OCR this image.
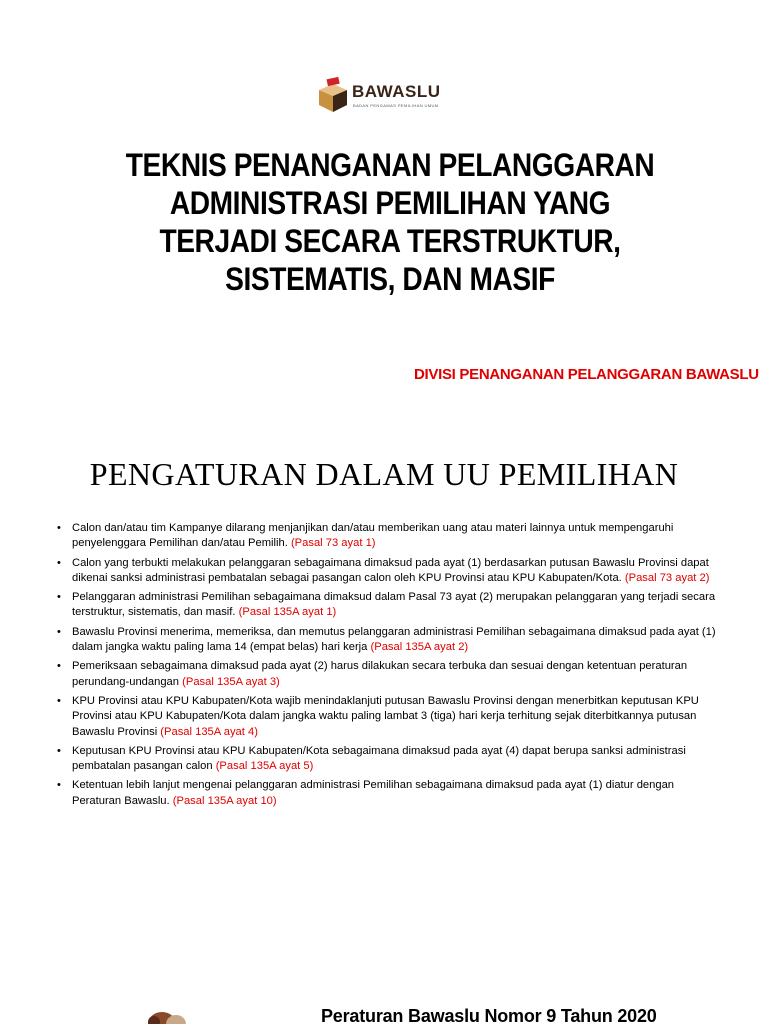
BAWASLU
BADAN PENGAWAS PEMILIHAN UMUM
TEKNIS PENANGANAN PELANGGARAN
ADMINISTRASI PEMILIHAN YANG
TERJADI SECARA TERSTRUKTUR,
SISTEMATIS, DAN MASIF
DIVISI PENANGANAN PELANGGARAN BAWASLU
PENGATURAN DALAM UU PEMILIHAN
• Calon dan/atau tim Kampanye dilarang menjanjikan dan/atau memberikan uang atau materi lainnya untuk mempengaruhi penyelenggara Pemilihan dan/atau Pemilih. (Pasal 73 ayat 1)
• Calon yang terbukti melakukan pelanggaran sebagaimana dimaksud pada ayat (1) berdasarkan putusan Bawaslu Provinsi dapat dikenai sanksi administrasi pembatalan sebagai pasangan calon oleh KPU Provinsi atau KPU Kabupaten/Kota. (Pasal 73 ayat 2)
• Pelanggaran administrasi Pemilihan sebagaimana dimaksud dalam Pasal 73 ayat (2) merupakan pelanggaran yang terjadi secara terstruktur, sistematis, dan masif. (Pasal 135A ayat 1)
• Bawaslu Provinsi menerima, memeriksa, dan memutus pelanggaran administrasi Pemilihan sebagaimana dimaksud pada ayat (1) dalam jangka waktu paling lama 14 (empat belas) hari kerja (Pasal 135A ayat 2)
• Pemeriksaan sebagaimana dimaksud pada ayat (2) harus dilakukan secara terbuka dan sesuai dengan ketentuan peraturan perundang-undangan (Pasal 135A ayat 3)
• KPU Provinsi atau KPU Kabupaten/Kota wajib menindaklanjuti putusan Bawaslu Provinsi dengan menerbitkan keputusan KPU Provinsi atau KPU Kabupaten/Kota dalam jangka waktu paling lambat 3 (tiga) hari kerja terhitung sejak diterbitkannya putusan Bawaslu Provinsi (Pasal 135A ayat 4)
• Keputusan KPU Provinsi atau KPU Kabupaten/Kota sebagaimana dimaksud pada ayat (4) dapat berupa sanksi administrasi pembatalan pasangan calon (Pasal 135A ayat 5)
• Ketentuan lebih lanjut mengenai pelanggaran administrasi Pemilihan sebagaimana dimaksud pada ayat (1) diatur dengan Peraturan Bawaslu. (Pasal 135A ayat 10)
Peraturan Bawaslu Nomor 9 Tahun 2020
